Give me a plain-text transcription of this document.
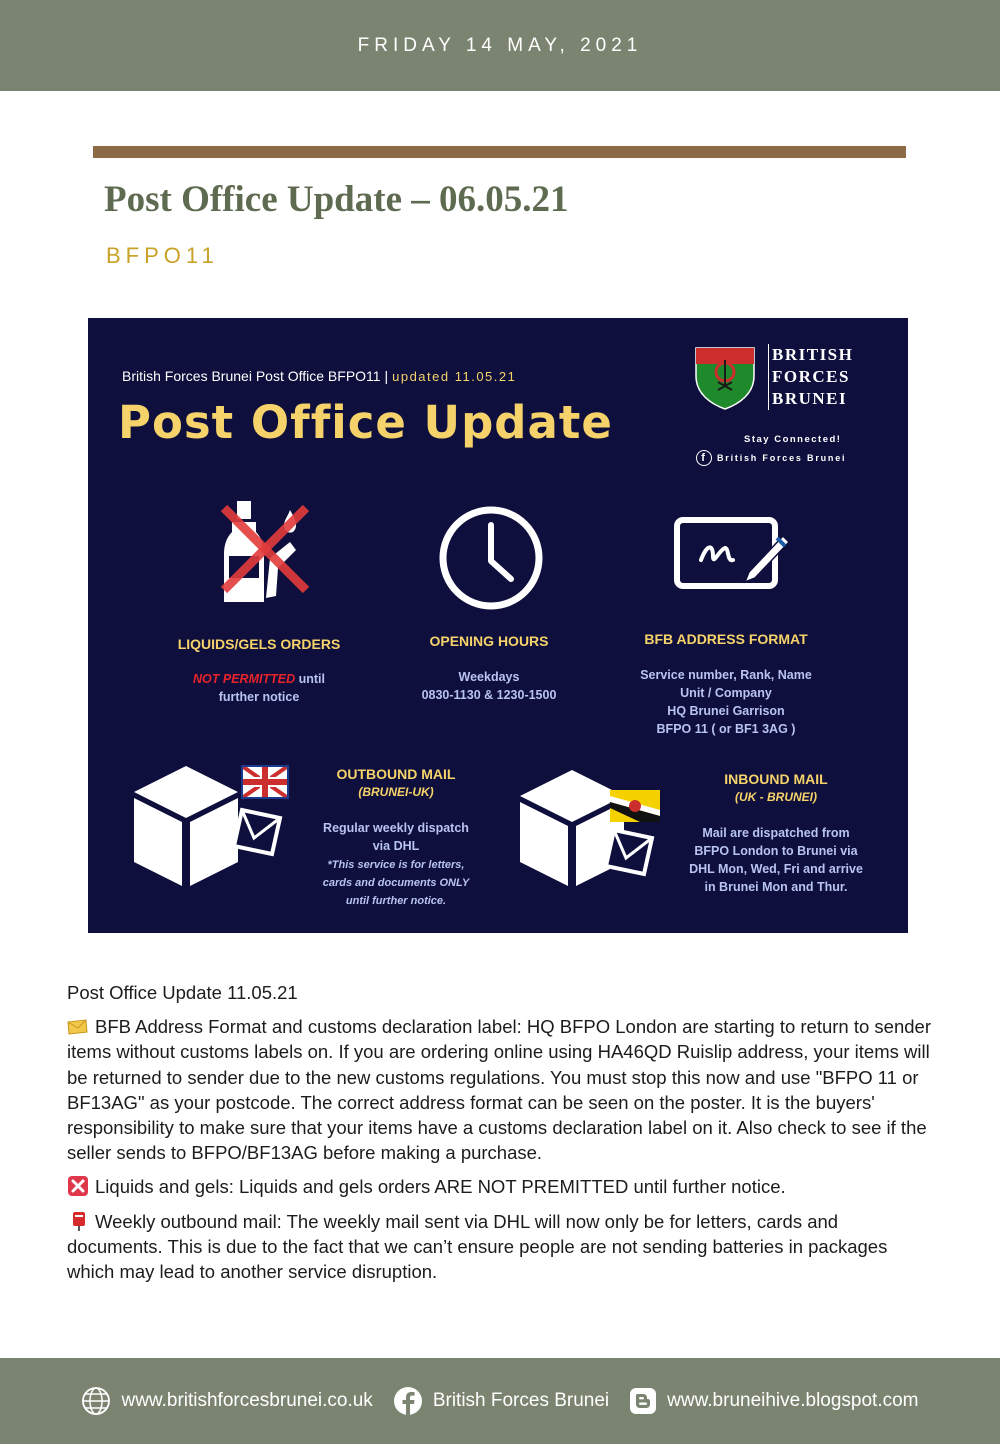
FRIDAY 14 MAY, 2021
Post Office Update – 06.05.21
BFPO11
British Forces Brunei Post Office BFPO11 | updated 11.05.21
Post Office Update
BRITISH
FORCES
BRUNEI
Stay Connected!
f	British Forces Brunei
LIQUIDS/GELS ORDERS
NOT PERMITTED until
further notice
OPENING HOURS
Weekdays
0830-1130 & 1230-1500
BFB ADDRESS FORMAT
Service number, Rank, Name
Unit / Company
HQ Brunei Garrison
BFPO 11 ( or BF1 3AG )
OUTBOUND MAIL
(BRUNEI-UK)
Regular weekly dispatch
via DHL
*This service is for letters,
cards and documents ONLY
until further notice.
INBOUND MAIL
(UK - BRUNEI)
Mail are dispatched from
BFPO London to Brunei via
DHL Mon, Wed, Fri and arrive
in Brunei Mon and Thur.

Post Office Update 11.05.21

BFB Address Format and customs declaration label: HQ BFPO London are starting to return to sender items without customs labels on. If you are ordering online using HA46QD Ruislip address, your items will be returned to sender due to the new customs regulations. You must stop this now and use "BFPO 11 or BF13AG" as your postcode. The correct address format can be seen on the poster. It is the buyers' responsibility to make sure that your items have a customs declaration label on it. Also check to see if the seller sends to BFPO/BF13AG before making a purchase.

Liquids and gels: Liquids and gels orders ARE NOT PREMITTED until further notice.

Weekly outbound mail: The weekly mail sent via DHL will now only be for letters, cards and documents. This is due to the fact that we can’t ensure people are not sending batteries in packages which may lead to another service disruption.

www.britishforcesbrunei.co.uk	British Forces Brunei	www.bruneihive.blogspot.com
